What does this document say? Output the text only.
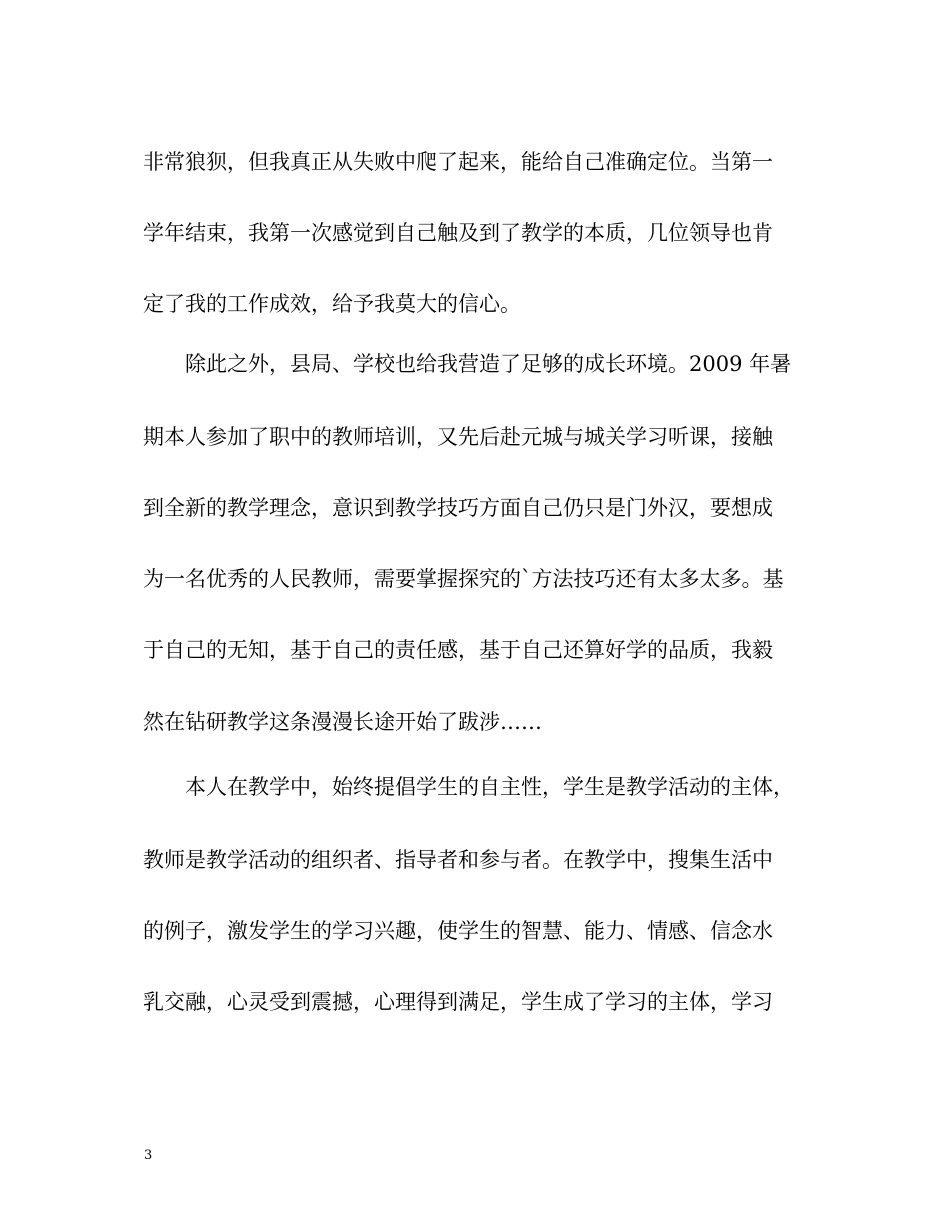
非常狼狈，但我真正从失败中爬了起来，能给自己准确定位。当第一
学年结束，我第一次感觉到自己触及到了教学的本质，几位领导也肯
定了我的工作成效，给予我莫大的信心。
除此之外，县局、学校也给我营造了足够的成长环境。2009 年暑
期本人参加了职中的教师培训，又先后赴元城与城关学习听课，接触
到全新的教学理念，意识到教学技巧方面自己仍只是门外汉，要想成
为一名优秀的人民教师，需要掌握探究的`方法技巧还有太多太多。基
于自己的无知，基于自己的责任感，基于自己还算好学的品质，我毅
然在钻研教学这条漫漫长途开始了跋涉……
本人在教学中，始终提倡学生的自主性，学生是教学活动的主体，
教师是教学活动的组织者、指导者和参与者。在教学中，搜集生活中
的例子，激发学生的学习兴趣，使学生的智慧、能力、情感、信念水
乳交融，心灵受到震撼，心理得到满足，学生成了学习的主体，学习
3
